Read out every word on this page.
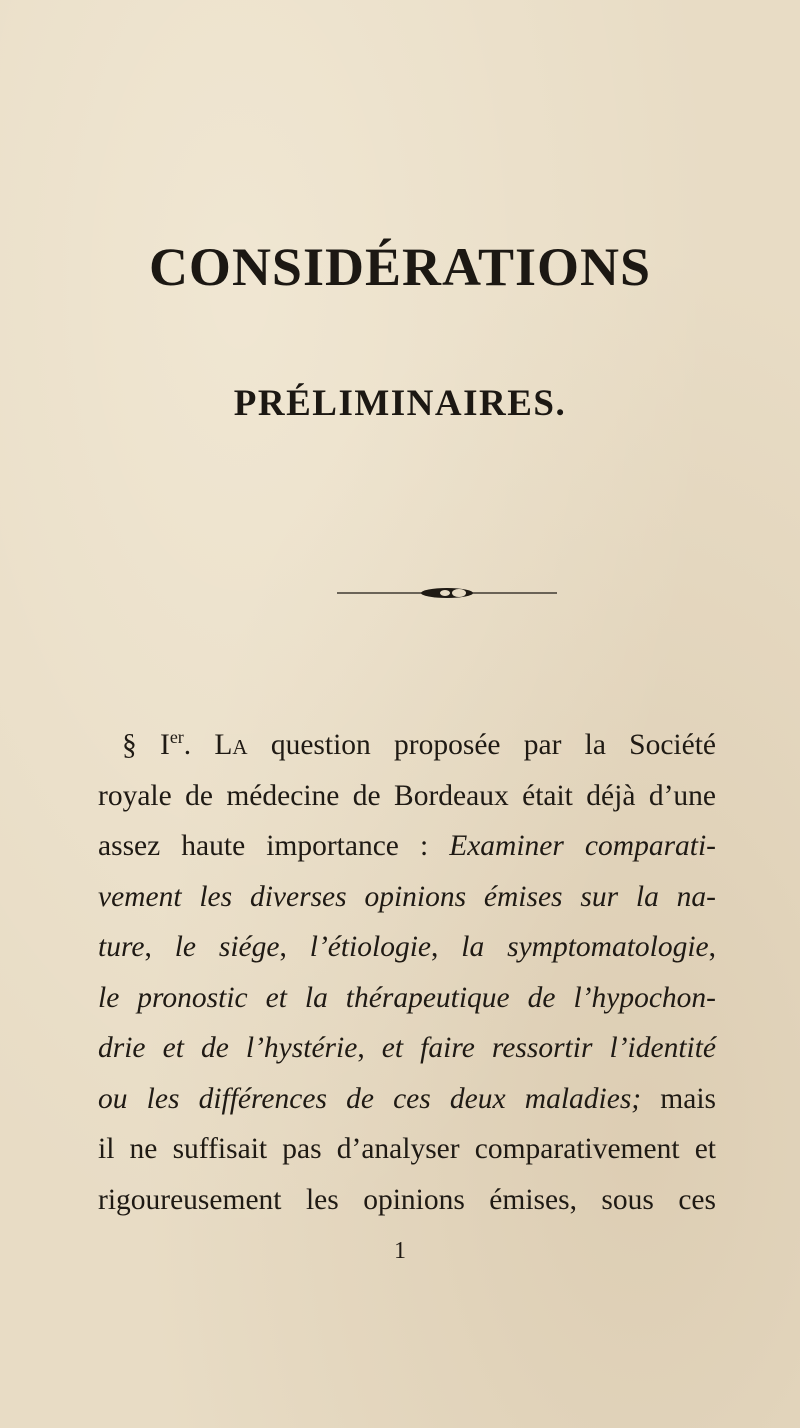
CONSIDÉRATIONS
PRÉLIMINAIRES.
§ Ier. La question proposée par la Société
royale de médecine de Bordeaux était déjà d’une
assez haute importance : Examiner comparati-
vement les diverses opinions émises sur la na-
ture, le siége, l’étiologie, la symptomatologie,
le pronostic et la thérapeutique de l’hypochon-
drie et de l’hystérie, et faire ressortir l’identité
ou les différences de ces deux maladies; mais
il ne suffisait pas d’analyser comparativement et
rigoureusement les opinions émises, sous ces
1
